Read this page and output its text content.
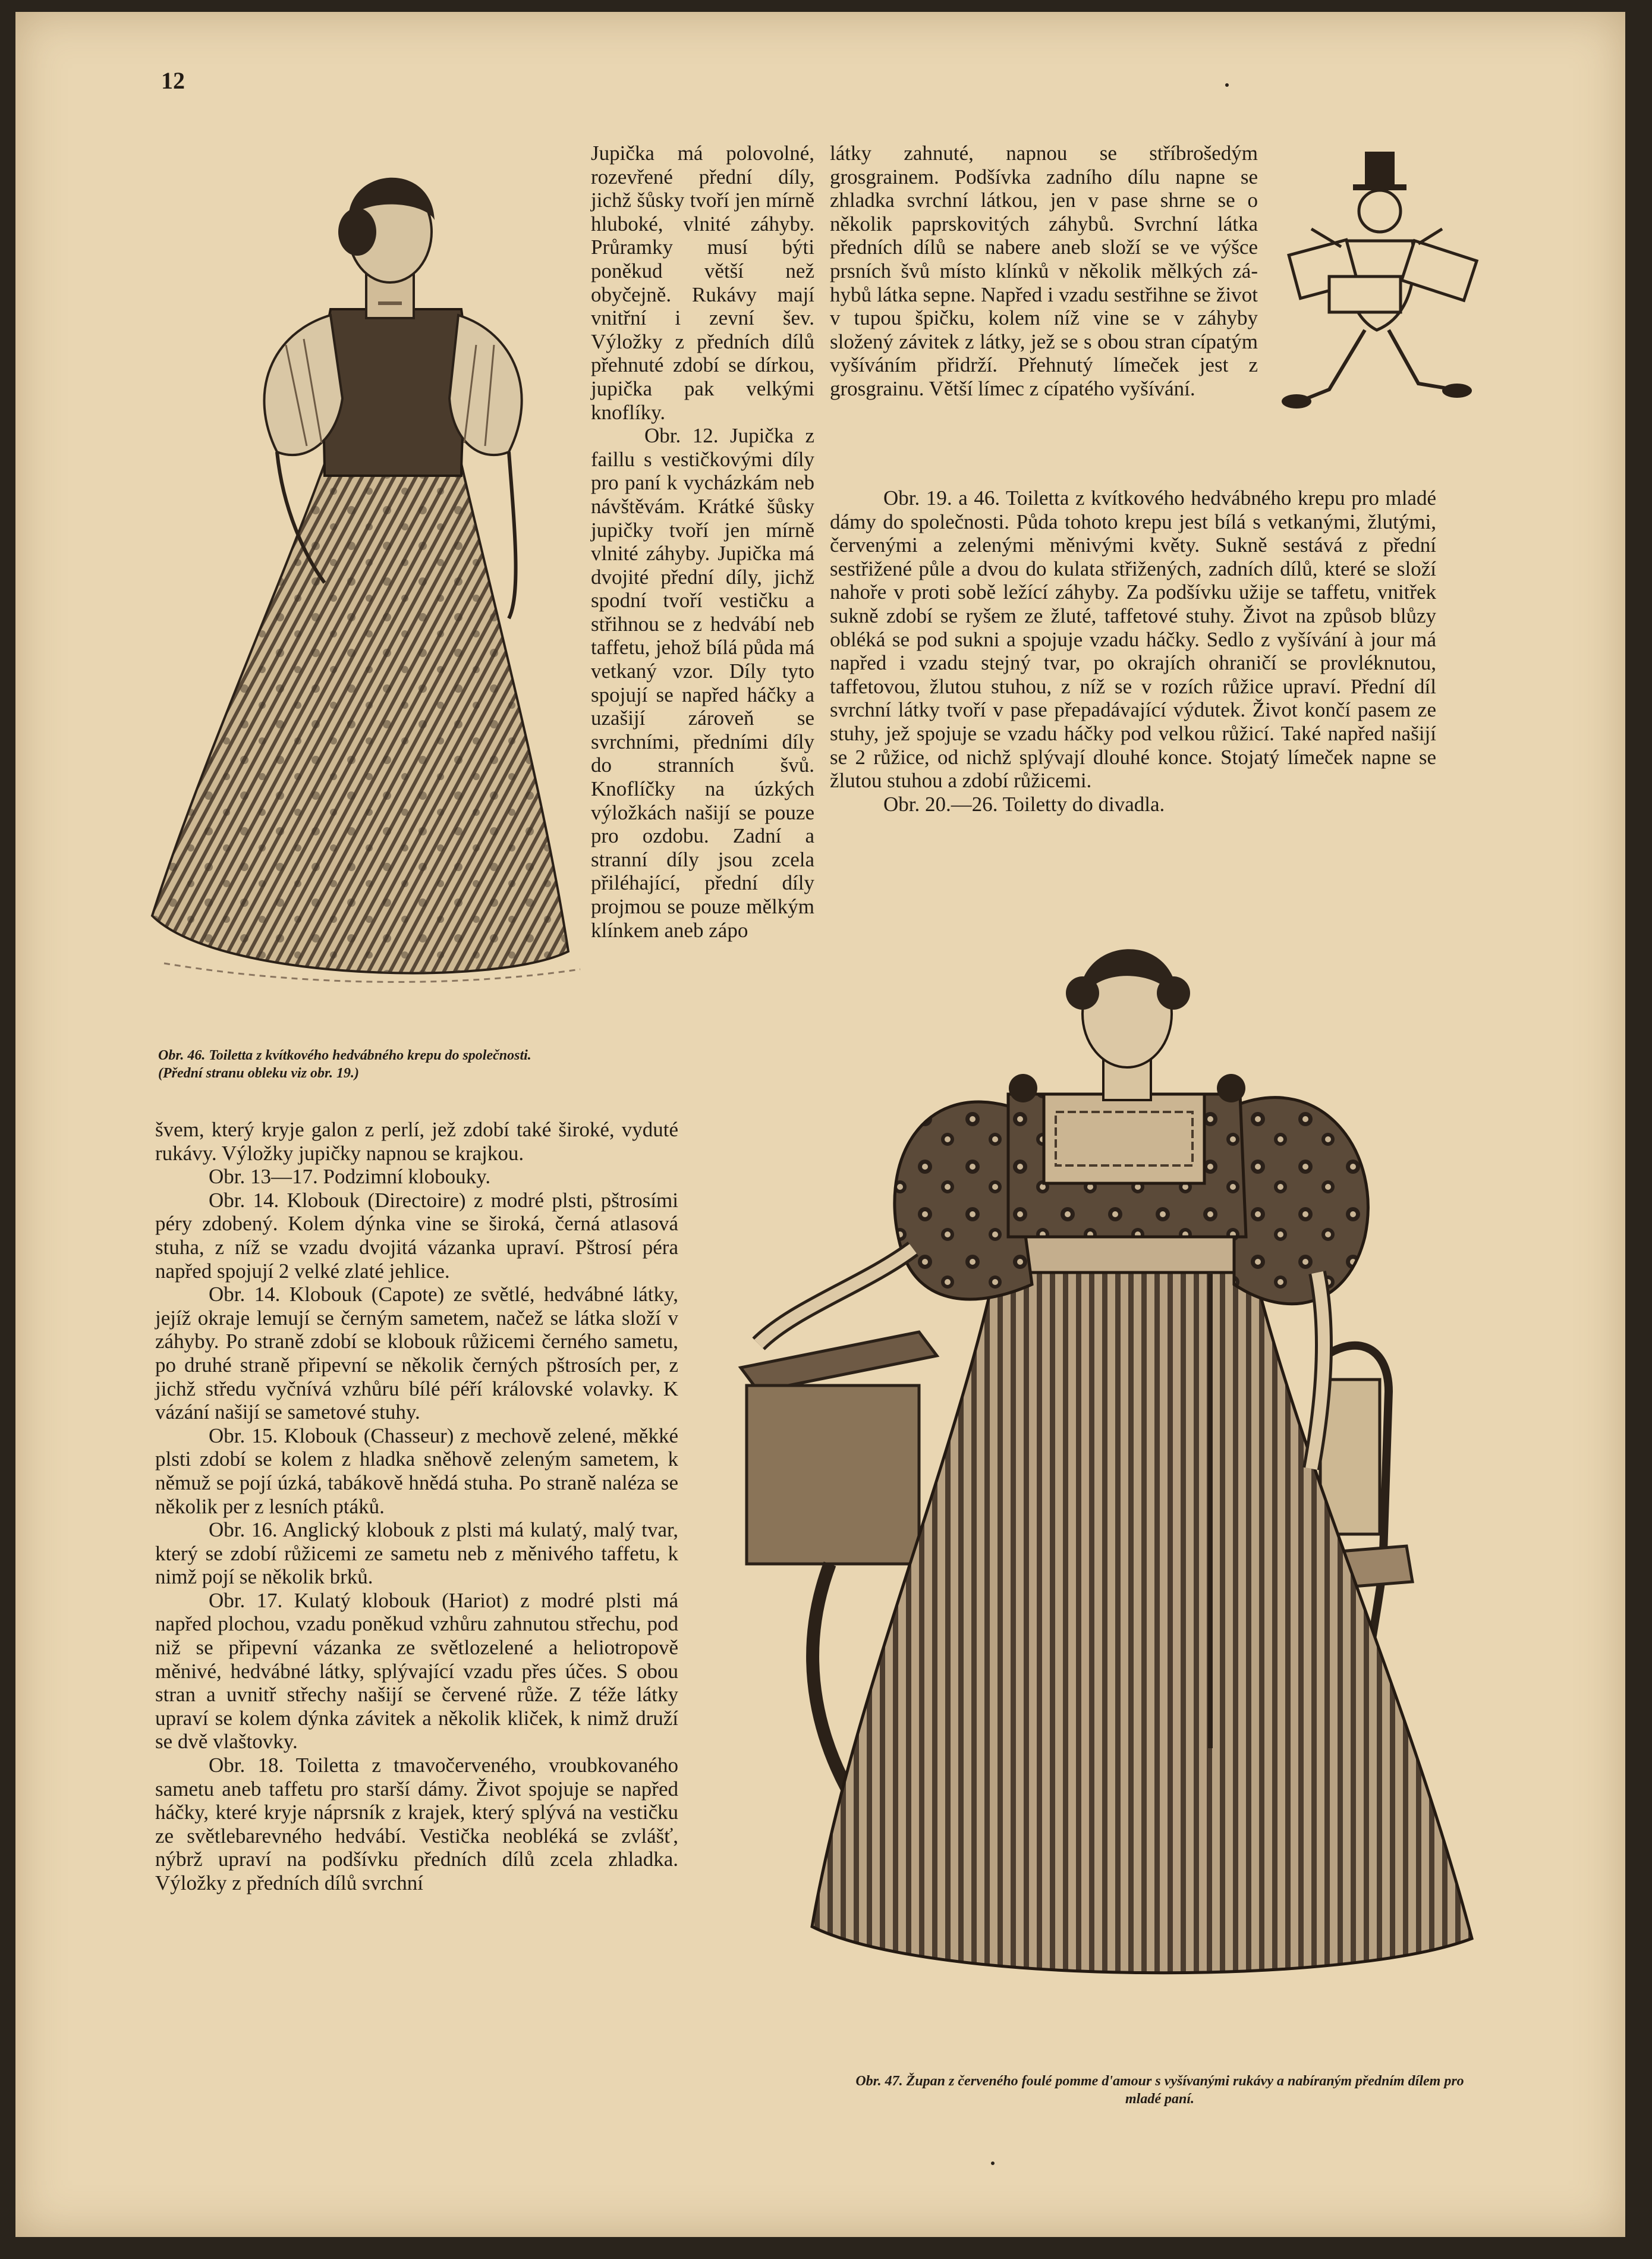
12
Obr. 46. Toiletta z kvítkového hedvábného krepu do společnosti. (Přední stranu obleku viz obr. 19.)

Jupička má polovolné, rozevřené přední díly, jichž šůsky tvoří jen mírně hluboké, vlnité záhyby. Průramky musí býti poněkud větší než obyčejně. Rukávy mají vnitřní i zevní šev. Výložky z předních dílů přehnuté zdobí se dírkou, jupička pak velkými knoflíky.

Obr. 12. Jupička z faillu s vestičkovými díly pro paní k vycházkám neb návštěvám. Krátké šůsky jupičky tvoří jen mírně vlnité záhyby. Jupička má dvojité přední díly, jichž spodní tvoří vestičku a střihnou se z hedvábí neb taffetu, jehož bílá půda má vetkaný vzor. Díly tyto spojují se napřed háčky a uzašijí zároveň se svrchními, předními díly do stranních švů. Knoflíčky na úzkých výložkách našijí se pouze pro ozdobu. Zadní a stranní díly jsou zcela přiléhající, přední díly projmou se pouze mělkým klínkem aneb zápo

švem, který kryje galon z perlí, jež zdobí také široké, vyduté rukávy. Výložky jupičky napnou se krajkou.

Obr. 13—17. Podzimní klobouky.

Obr. 14. Klobouk (Directoire) z modré plsti, pštrosími péry zdobený. Kolem dýnka vine se široká, černá atlasová stuha, z níž se vzadu dvojitá vázanka upraví. Pštrosí péra napřed spojují 2 velké zlaté jehlice.

Obr. 14. Klobouk (Capote) ze světlé, hedvábné látky, jejíž okraje lemují se černým sametem, načež se látka složí v záhyby. Po straně zdobí se klobouk růžicemi černého sametu, po druhé straně připevní se několik černých pštrosích per, z jichž středu vyčnívá vzhůru bílé péří královské volavky. K vázání našijí se sametové stuhy.

Obr. 15. Klobouk (Chasseur) z mechově zelené, měkké plsti zdobí se kolem z hladka sněhově zeleným sametem, k němuž se pojí úzká, tabákově hnědá stuha. Po straně naléza se několik per z lesních ptáků.

Obr. 16. Anglický klobouk z plsti má kulatý, malý tvar, který se zdobí růžicemi ze sametu neb z měnivého taffetu, k nimž pojí se několik brků.

Obr. 17. Kulatý klobouk (Hariot) z modré plsti má napřed plochou, vzadu poněkud vzhůru zahnutou střechu, pod niž se připevní vázanka ze světlozelené a heliotropově měnivé, hedvábné látky, splývající vzadu přes účes. S obou stran a uvnitř střechy našijí se červené růže. Z téže látky upraví se kolem dýnka závitek a několik kliček, k nimž druží se dvě vlaštovky.

Obr. 18. Toiletta z tmavočerveného, vroubkovaného sametu aneb taffetu pro starší dámy. Život spojuje se napřed háčky, které kryje náprsník z krajek, který splývá na vestičku ze světlebarevného hedvábí. Vestička neobléká se zvlášť, nýbrž upraví na podšívku předních dílů zcela zhladka. Výložky z předních dílů svrchní

látky zahnuté, napnou se stříbrošedým grosgrainem. Podšívka zadního dílu napne se zhladka svrchní látkou, jen v pase shrne se o několik paprskovitých záhybů. Svrchní látka předních dílů se nabere aneb složí se ve výšce prsních švů místo klínků v několik mělkých záhybů látka sepne. Napřed i vzadu sestřihne se život v tupou špičku, kolem níž vine se v záhyby složený závitek z látky, jež se s obou stran cípatým vyšíváním přidrží. Přehnutý límeček jest z grosgrainu. Větší límec z cípatého vyšívání.

Obr. 19. a 46. Toiletta z kvítkového hedvábného krepu pro mladé dámy do společnosti. Půda tohoto krepu jest bílá s vetkanými, žlutými, červenými a zelenými měnivými květy. Sukně sestává z přední sestřižené půle a dvou do kulata střižených, zadních dílů, které se složí nahoře v proti sobě ležící záhyby. Za podšívku užije se taffetu, vnitřek sukně zdobí se ryšem ze žluté, taffetové stuhy. Život na způsob blůzy obléká se pod sukni a spojuje vzadu háčky. Sedlo z vyšívání à jour má napřed i vzadu stejný tvar, po okrajích ohraničí se provléknutou, taffetovou, žlutou stuhou, z níž se v rozích růžice upraví. Přední díl svrchní látky tvoří v pase přepadávající výdutek. Život končí pasem ze stuhy, jež spojuje se vzadu háčky pod velkou růžicí. Také napřed našijí se 2 růžice, od nichž splývají dlouhé konce. Stojatý límeček napne se žlutou stuhou a zdobí růžicemi.

Obr. 20.—26. Toiletty do divadla.

Obr. 47. Župan z červeného foulé pomme d'amour s vyšívanými rukávy a nabíraným předním dílem pro mladé paní.
